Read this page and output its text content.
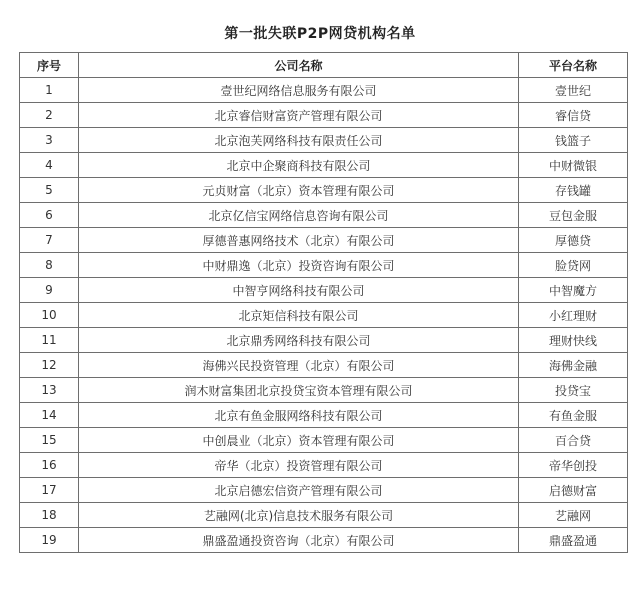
第一批失联P2P网贷机构名单
序号	公司名称	平台名称
1	壹世纪网络信息服务有限公司	壹世纪
2	北京睿信财富资产管理有限公司	睿信贷
3	北京泡芙网络科技有限责任公司	钱篮子
4	北京中企聚商科技有限公司	中财微银
5	元贞财富（北京）资本管理有限公司	存钱罐
6	北京亿信宝网络信息咨询有限公司	豆包金服
7	厚德普惠网络技术（北京）有限公司	厚德贷
8	中财鼎逸（北京）投资咨询有限公司	脸贷网
9	中智亨网络科技有限公司	中智魔方
10	北京矩信科技有限公司	小红理财
11	北京鼎秀网络科技有限公司	理财快线
12	海佛兴民投资管理（北京）有限公司	海佛金融
13	润木财富集团北京投贷宝资本管理有限公司	投贷宝
14	北京有鱼金服网络科技有限公司	有鱼金服
15	中创晨业（北京）资本管理有限公司	百合贷
16	帝华（北京）投资管理有限公司	帝华创投
17	北京启德宏信资产管理有限公司	启德财富
18	艺融网(北京)信息技术服务有限公司	艺融网
19	鼎盛盈通投资咨询（北京）有限公司	鼎盛盈通
